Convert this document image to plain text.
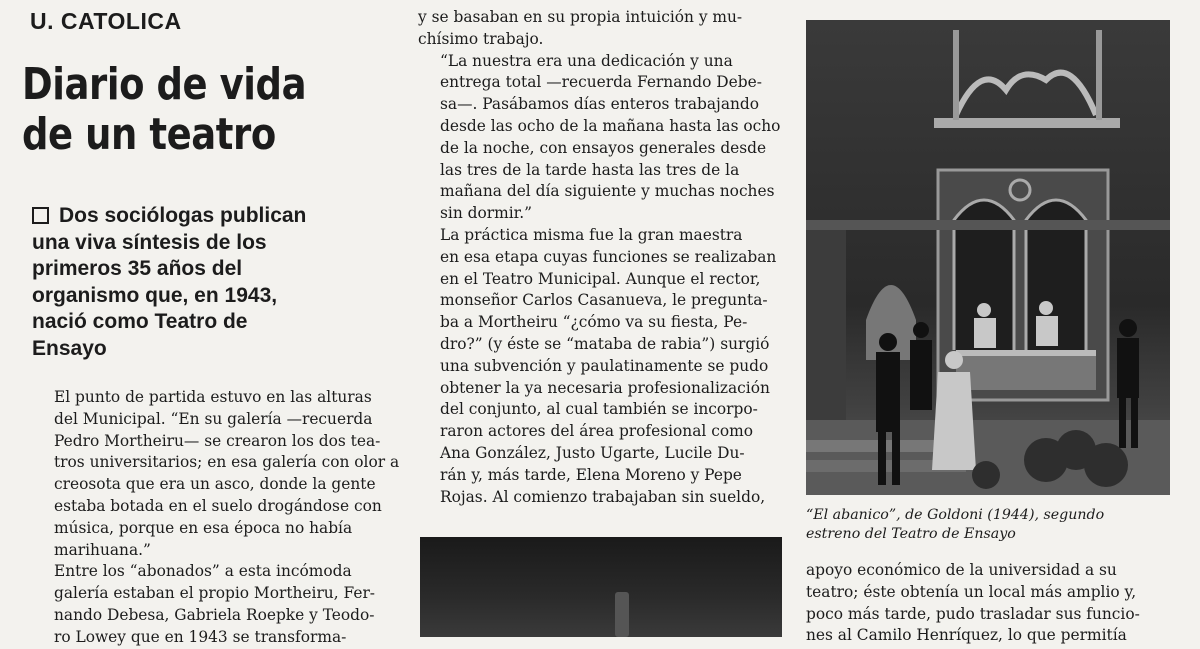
U. CATOLICA
Diario de vida
de un teatro
Dos sociólogas publican
una viva síntesis de los
primeros 35 años del
organismo que, en 1943,
nació como Teatro de
Ensayo

El punto de partida estuvo en las alturas
del Municipal. “En su galería —recuerda
Pedro Mortheiru— se crearon los dos tea-
tros universitarios; en esa galería con olor a
creosota que era un asco, donde la gente
estaba botada en el suelo drogándose con
música, porque en esa época no había
marihuana.”

Entre los “abonados” a esta incómoda
galería estaban el propio Mortheiru, Fer-
nando Debesa, Gabriela Roepke y Teodo-
ro Lowey que en 1943 se transforma-

y se basaban en su propia intuición y mu-
chísimo trabajo.

“La nuestra era una dedicación y una
entrega total —recuerda Fernando Debe-
sa—. Pasábamos días enteros trabajando
desde las ocho de la mañana hasta las ocho
de la noche, con ensayos generales desde
las tres de la tarde hasta las tres de la
mañana del día siguiente y muchas noches
sin dormir.”

La práctica misma fue la gran maestra
en esa etapa cuyas funciones se realizaban
en el Teatro Municipal. Aunque el rector,
monseñor Carlos Casanueva, le pregunta-
ba a Mortheiru “¿cómo va su fiesta, Pe-
dro?” (y éste se “mataba de rabia”) surgió
una subvención y paulatinamente se pudo
obtener la ya necesaria profesionalización
del conjunto, al cual también se incorpo-
raron actores del área profesional como
Ana González, Justo Ugarte, Lucile Du-
rán y, más tarde, Elena Moreno y Pepe
Rojas. Al comienzo trabajaban sin sueldo,

“El abanico”, de Goldoni (1944), segundo
estreno del Teatro de Ensayo

apoyo económico de la universidad a su
teatro; éste obtenía un local más amplio y,
poco más tarde, pudo trasladar sus funcio-
nes al Camilo Henríquez, lo que permitía
